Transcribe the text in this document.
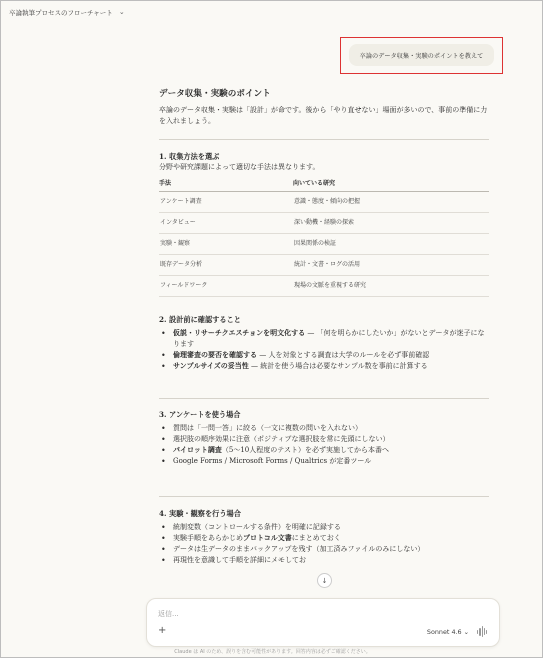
卒論執筆プロセスのフローチャート ⌄
卒論のデータ収集・実験のポイントを教えて
データ収集・実験のポイント
卒論のデータ収集・実験は「設計」が命です。後から「やり直せない」場面が多いので、事前の準備に力を入れましょう。
1. 収集方法を選ぶ
分野や研究課題によって適切な手法は異なります。
手法	向いている研究
アンケート調査	意識・態度・傾向の把握
インタビュー	深い動機・経験の探索
実験・観察	因果関係の検証
既存データ分析	統計・文書・ログの活用
フィールドワーク	現場の文脈を重視する研究
2. 設計前に確認すること
• 仮説・リサーチクエスチョンを明文化する — 「何を明らかにしたいか」がないとデータが迷子になります
• 倫理審査の要否を確認する — 人を対象とする調査は大学のルールを必ず事前確認
• サンプルサイズの妥当性 — 統計を使う場合は必要なサンプル数を事前に計算する
3. アンケートを使う場合
• 質問は「一問一答」に絞る（一文に複数の問いを入れない）
• 選択肢の順序効果に注意（ポジティブな選択肢を常に先頭にしない）
• パイロット調査（5〜10人程度のテスト）を必ず実施してから本番へ
• Google Forms / Microsoft Forms / Qualtrics が定番ツール
4. 実験・観察を行う場合
• 統制変数（コントロールする条件）を明確に記録する
• 実験手順をあらかじめプロトコル文書にまとめておく
• データは生データのままバックアップを残す（加工済みファイルのみにしない）
• 再現性を意識して手順を詳細にメモしてお
↓
返信...
+	Sonnet 4.6 ⌄
Claude は AI のため、誤りを含む可能性があります。回答内容は必ずご確認ください。
